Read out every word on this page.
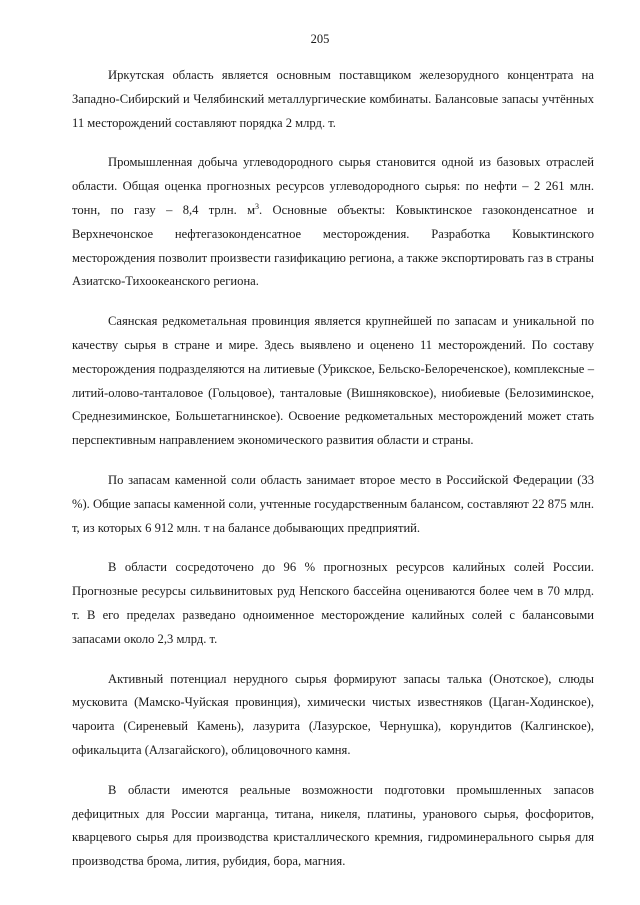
205

Иркутская область является основным поставщиком железорудного концентрата на Западно-Сибирский и Челябинский металлургические комбинаты. Балансовые запасы учтённых 11 месторождений составляют порядка 2 млрд. т.

Промышленная добыча углеводородного сырья становится одной из базовых отраслей области. Общая оценка прогнозных ресурсов углеводородного сырья: по нефти – 2 261 млн. тонн, по газу – 8,4 трлн. $м^3$. Основные объекты: Ковыктинское газоконденсатное и Верхнечонское нефтегазоконденсатное месторождения. Разработка Ковыктинского месторождения позволит произвести газификацию региона, а также экспортировать газ в страны Азиатско-Тихоокеанского региона.

Саянская редкометальная провинция является крупнейшей по запасам и уникальной по качеству сырья в стране и мире. Здесь выявлено и оценено 11 месторождений. По составу месторождения подразделяются на литиевые (Урикское, Бельско-Белореченское), комплексные – литий-олово-танталовое (Гольцовое), танталовые (Вишняковское), ниобиевые (Белозиминское, Среднезиминское, Большетагнинское). Освоение редкометальных месторождений может стать перспективным направлением экономического развития области и страны.

По запасам каменной соли область занимает второе место в Российской Федерации (33 %). Общие запасы каменной соли, учтенные государственным балансом, составляют 22 875 млн. т, из которых 6 912 млн. т на балансе добывающих предприятий.

В области сосредоточено до 96 % прогнозных ресурсов калийных солей России. Прогнозные ресурсы сильвинитовых руд Непского бассейна оцениваются более чем в 70 млрд. т. В его пределах разведано одноименное месторождение калийных солей с балансовыми запасами около 2,3 млрд. т.

Активный потенциал нерудного сырья формируют запасы талька (Онотское), слюды мусковита (Мамско-Чуйская провинция), химически чистых известняков (Цаган-Ходинское), чароита (Сиреневый Камень), лазурита (Лазурское, Чернушка), корундитов (Калгинское), офикальцита (Алзагайского), облицовочного камня.

В области имеются реальные возможности подготовки промышленных запасов дефицитных для России марганца, титана, никеля, платины, уранового сырья, фосфоритов, кварцевого сырья для производства кристаллического кремния, гидроминерального сырья для производства брома, лития, рубидия, бора, магния.
